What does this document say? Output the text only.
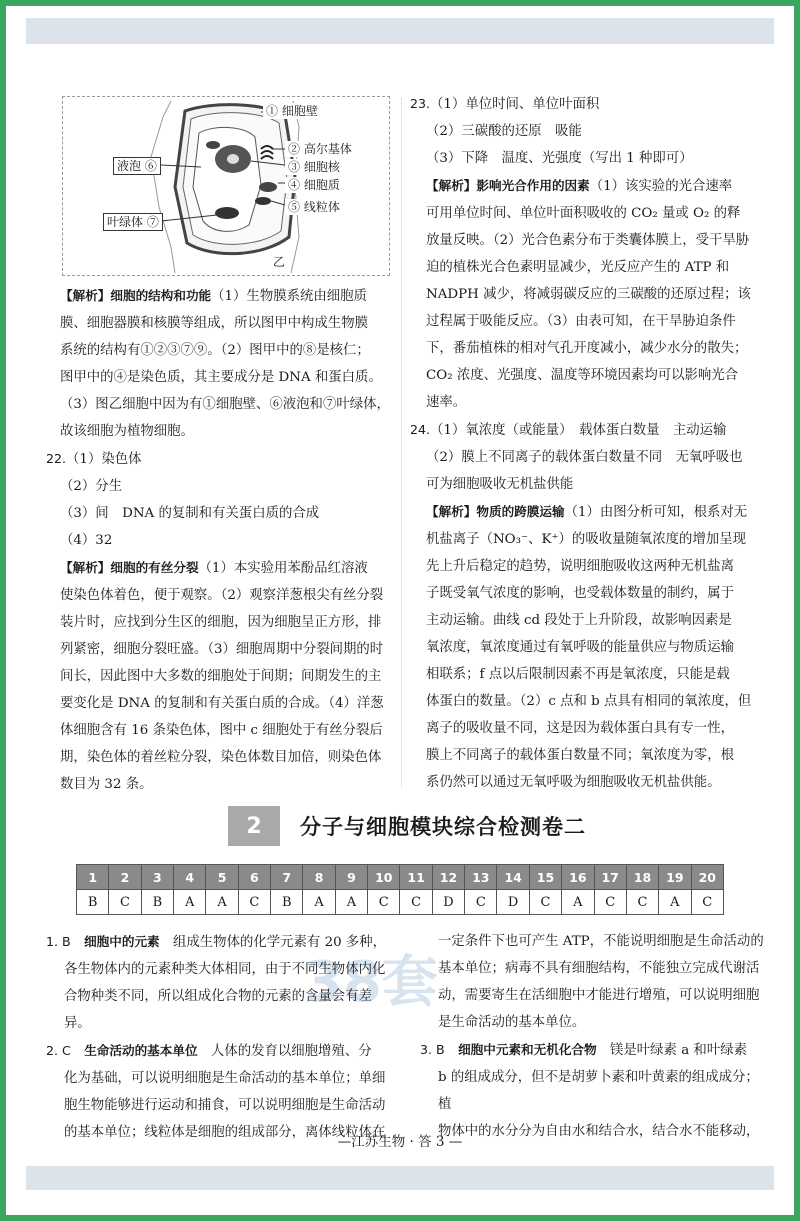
① 细胞壁
② 高尔基体
③ 细胞核
④ 细胞质
⑤ 线粒体
液泡 ⑥
叶绿体 ⑦
乙

【解析】细胞的结构和功能（1）生物膜系统由细胞质

膜、细胞器膜和核膜等组成，所以图甲中构成生物膜

系统的结构有①②③⑦⑨。（2）图甲中的⑧是核仁；

图甲中的④是染色质，其主要成分是 DNA 和蛋白质。

（3）图乙细胞中因为有①细胞壁、⑥液泡和⑦叶绿体，

故该细胞为植物细胞。

22.（1）染色体

（2）分生

（3）间　DNA 的复制和有关蛋白质的合成

（4）32

【解析】细胞的有丝分裂（1）本实验用苯酚品红溶液

使染色体着色，便于观察。（2）观察洋葱根尖有丝分裂

装片时，应找到分生区的细胞，因为细胞呈正方形，排

列紧密，细胞分裂旺盛。（3）细胞周期中分裂间期的时

间长，因此图中大多数的细胞处于间期；间期发生的主

要变化是 DNA 的复制和有关蛋白质的合成。（4）洋葱

体细胞含有 16 条染色体，图中 c 细胞处于有丝分裂后

期，染色体的着丝粒分裂，染色体数目加倍，则染色体

数目为 32 条。

23.（1）单位时间、单位叶面积

（2）三碳酸的还原　吸能

（3）下降　温度、光强度（写出 1 种即可）

【解析】影响光合作用的因素（1）该实验的光合速率

可用单位时间、单位叶面积吸收的 CO₂ 量或 O₂ 的释

放量反映。（2）光合色素分布于类囊体膜上，受干旱胁

迫的植株光合色素明显减少，光反应产生的 ATP 和

NADPH 减少，将减弱碳反应的三碳酸的还原过程；该

过程属于吸能反应。（3）由表可知，在干旱胁迫条件

下，番茄植株的相对气孔开度减小，减少水分的散失；

CO₂ 浓度、光强度、温度等环境因素均可以影响光合

速率。

24.（1）氧浓度（或能量）　载体蛋白数量　主动运输

（2）膜上不同离子的载体蛋白数量不同　无氧呼吸也

可为细胞吸收无机盐供能

【解析】物质的跨膜运输（1）由图分析可知，根系对无

机盐离子（NO₃⁻、K⁺）的吸收量随氧浓度的增加呈现

先上升后稳定的趋势，说明细胞吸收这两种无机盐离

子既受氧气浓度的影响，也受载体数量的制约，属于

主动运输。曲线 cd 段处于上升阶段，故影响因素是

氧浓度，氧浓度通过有氧呼吸的能量供应与物质运输

相联系；f 点以后限制因素不再是氧浓度，只能是载

体蛋白的数量。（2）c 点和 b 点具有相同的氧浓度，但

离子的吸收量不同，这是因为载体蛋白具有专一性，

膜上不同离子的载体蛋白数量不同；氧浓度为零，根

系仍然可以通过无氧呼吸为细胞吸收无机盐供能。

2	分子与细胞模块综合检测卷二
1	2	3	4	5	6	7	8	9	10	11	12	13	14	15	16	17	18	19	20
B	C	B	A	A	C	B	A	A	C	C	D	C	D	C	A	C	C	A	C
38套

1. B　 细胞中的元素　组成生物体的化学元素有 20 多种，

各生物体内的元素种类大体相同，由于不同生物体内化

合物种类不同，所以组成化合物的元素的含量会有差异。

2. C　 生命活动的基本单位　人体的发育以细胞增殖、分

化为基础，可以说明细胞是生命活动的基本单位；单细

胞生物能够进行运动和捕食，可以说明细胞是生命活动

的基本单位；线粒体是细胞的组成部分，离体线粒体在

一定条件下也可产生 ATP，不能说明细胞是生命活动的

基本单位；病毒不具有细胞结构，不能独立完成代谢活

动，需要寄生在活细胞中才能进行增殖，可以说明细胞

是生命活动的基本单位。

3. B　 细胞中元素和无机化合物　镁是叶绿素 a 和叶绿素

b 的组成成分，但不是胡萝卜素和叶黄素的组成成分；植

物体中的水分分为自由水和结合水，结合水不能移动，

—江苏生物 · 答 3 —
